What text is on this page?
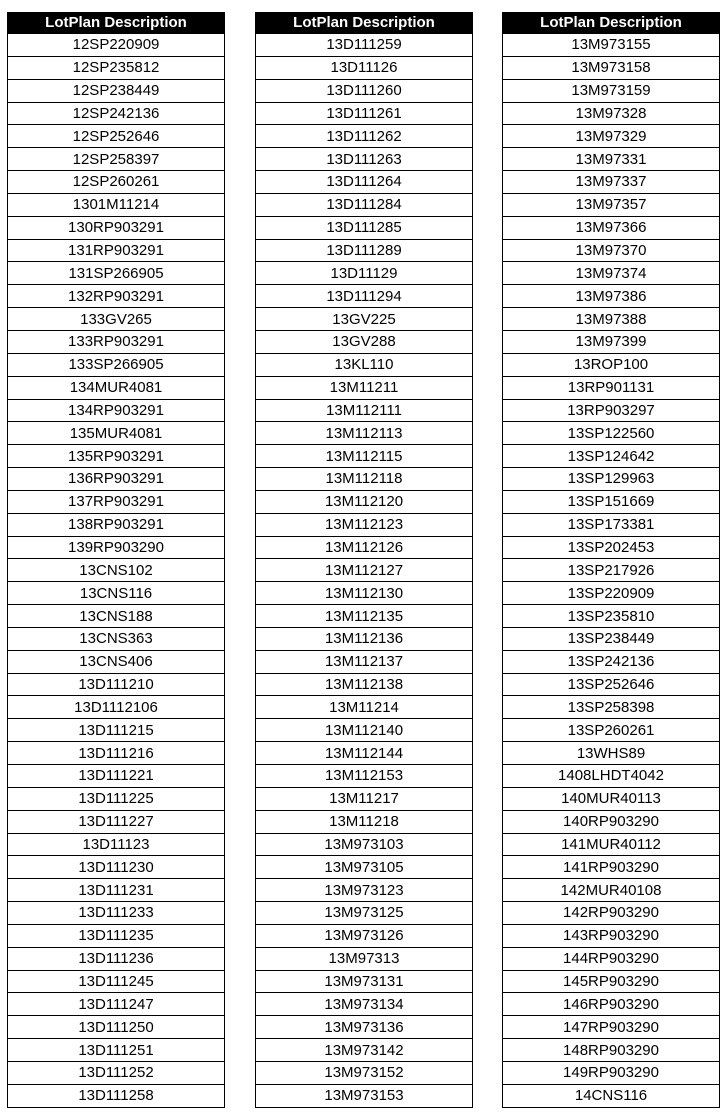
LotPlan Description
12SP220909
12SP235812
12SP238449
12SP242136
12SP252646
12SP258397
12SP260261
1301M11214
130RP903291
131RP903291
131SP266905
132RP903291
133GV265
133RP903291
133SP266905
134MUR4081
134RP903291
135MUR4081
135RP903291
136RP903291
137RP903291
138RP903291
139RP903290
13CNS102
13CNS116
13CNS188
13CNS363
13CNS406
13D111210
13D1112106
13D111215
13D111216
13D111221
13D111225
13D111227
13D11123
13D111230
13D111231
13D111233
13D111235
13D111236
13D111245
13D111247
13D111250
13D111251
13D111252
13D111258
LotPlan Description
13D111259
13D11126
13D111260
13D111261
13D111262
13D111263
13D111264
13D111284
13D111285
13D111289
13D11129
13D111294
13GV225
13GV288
13KL110
13M11211
13M112111
13M112113
13M112115
13M112118
13M112120
13M112123
13M112126
13M112127
13M112130
13M112135
13M112136
13M112137
13M112138
13M11214
13M112140
13M112144
13M112153
13M11217
13M11218
13M973103
13M973105
13M973123
13M973125
13M973126
13M97313
13M973131
13M973134
13M973136
13M973142
13M973152
13M973153
LotPlan Description
13M973155
13M973158
13M973159
13M97328
13M97329
13M97331
13M97337
13M97357
13M97366
13M97370
13M97374
13M97386
13M97388
13M97399
13ROP100
13RP901131
13RP903297
13SP122560
13SP124642
13SP129963
13SP151669
13SP173381
13SP202453
13SP217926
13SP220909
13SP235810
13SP238449
13SP242136
13SP252646
13SP258398
13SP260261
13WHS89
1408LHDT4042
140MUR40113
140RP903290
141MUR40112
141RP903290
142MUR40108
142RP903290
143RP903290
144RP903290
145RP903290
146RP903290
147RP903290
148RP903290
149RP903290
14CNS116
